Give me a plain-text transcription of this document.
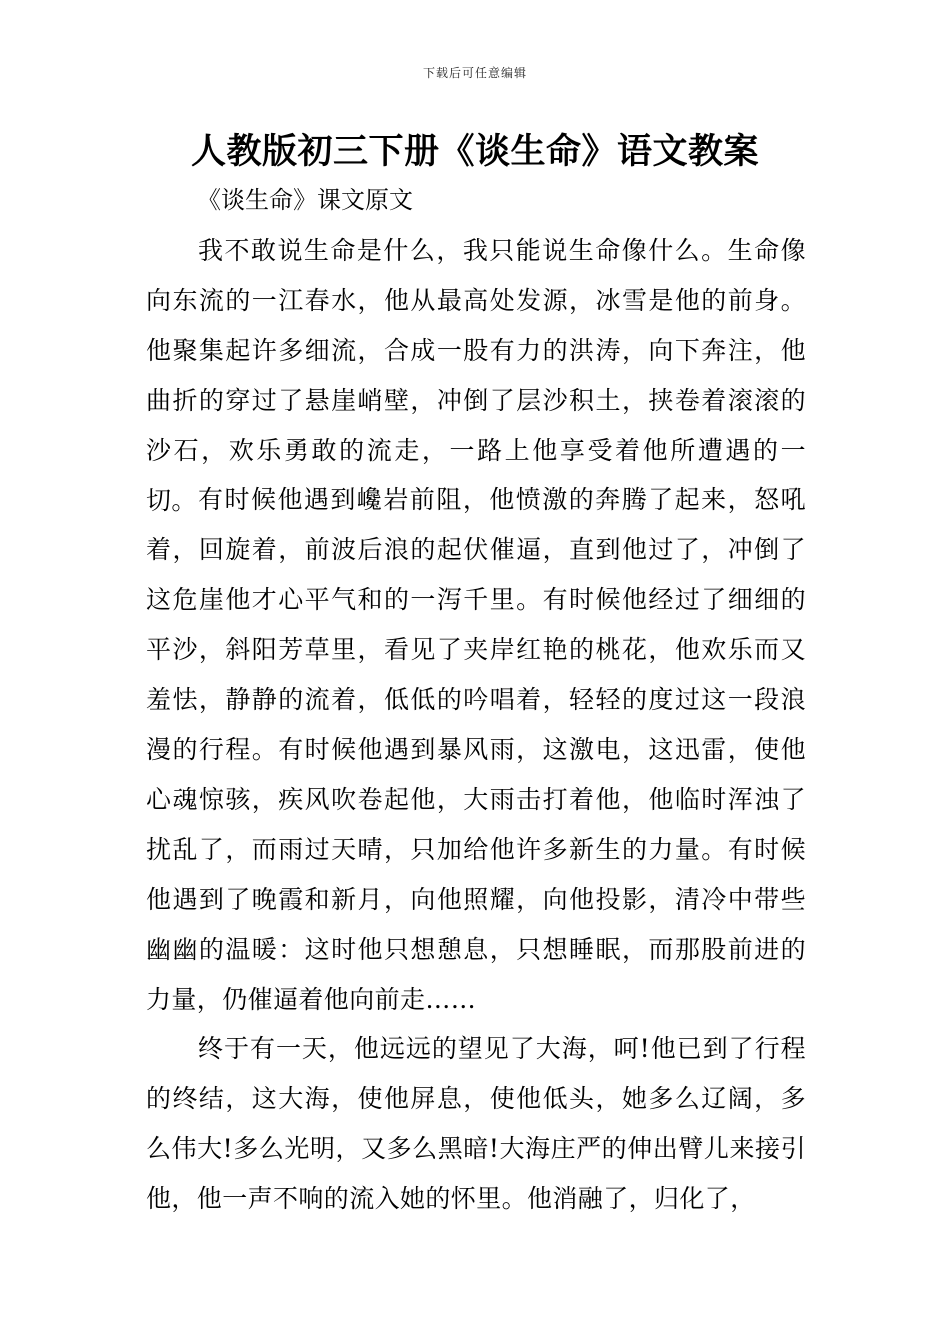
下载后可任意编辑
人教版初三下册《谈生命》语文教案
《谈生命》课文原文

我不敢说生命是什么，我只能说生命像什么。生命像向东流的一江春水，他从最高处发源，冰雪是他的前身。他聚集起许多细流，合成一股有力的洪涛，向下奔注，他曲折的穿过了悬崖峭壁，冲倒了层沙积土，挟卷着滚滚的沙石，欢乐勇敢的流走，一路上他享受着他所遭遇的一切。 有时候他遇到巉岩前阻，他愤激的奔腾了起来，怒吼着，回旋着，前波后浪的起伏催逼，直到他过了，冲倒了这危崖他才心平气和的一泻千里。有时候他经过了细细的平沙，斜阳芳草里，看见了夹岸红艳的桃花，他欢乐而又羞怯，静静的流着，低低的吟唱着，轻轻的度过这一段浪漫的行程。有时候他遇到暴风雨，这激电，这迅雷，使他心魂惊骇，疾风吹卷起他，大雨击打着他，他临时浑浊了扰乱了，而雨过天晴，只加给他许多新生的力量。有时候他遇到了晚霞和新月，向他照耀，向他投影，清冷中带些幽幽的温暖：这时他只想憩息，只想睡眠，而那股前进的力量，仍催逼着他向前走……

终于有一天，他远远的望见了大海，呵!他已到了行程的终结，这大海，使他屏息，使他低头，她多么辽阔，多么伟大!多么光明，又多么黑暗!大海庄严的伸出臂儿来接引他，他一声不响的流入她的怀里。他消融了，归化了，
